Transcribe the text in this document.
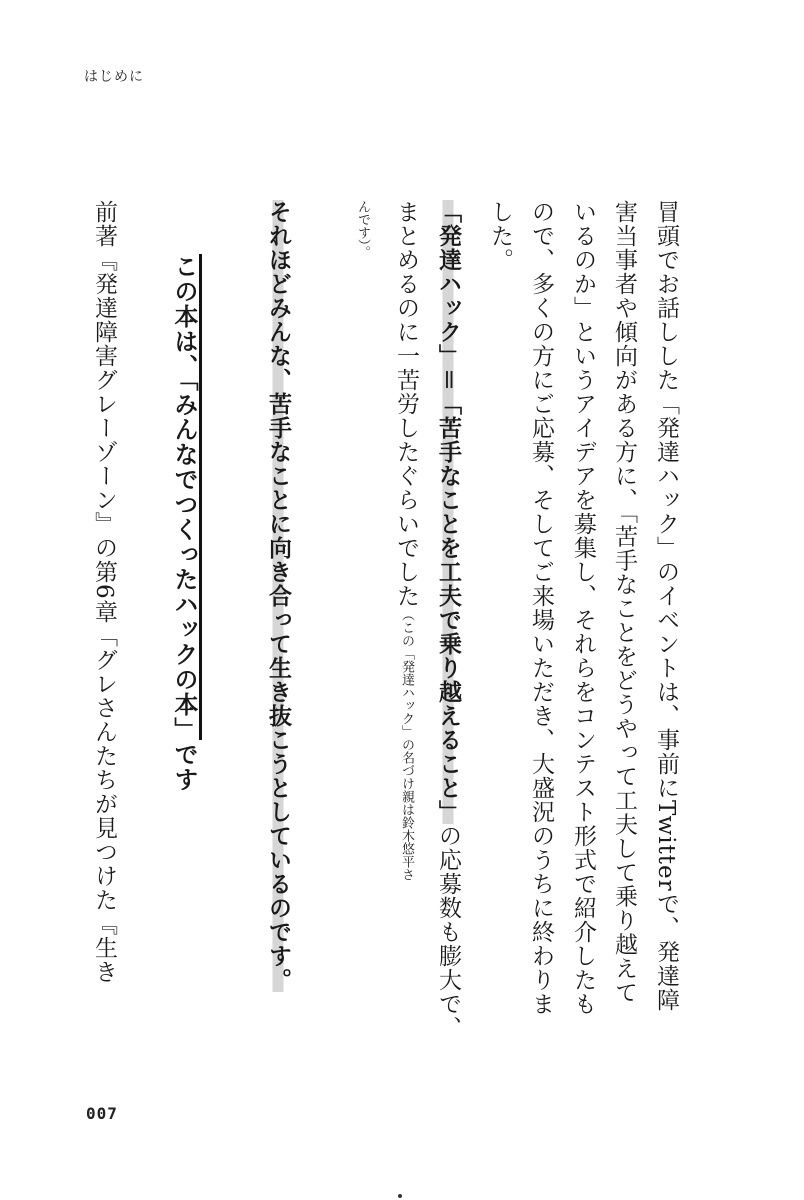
はじめに
冒頭でお話しした「発達ハック」のイベントは、事前にTwitterで、発達障
害当事者や傾向がある方に、「苦手なことをどうやって工夫して乗り越えて
いるのか」というアイデアを募集し、それらをコンテスト形式で紹介したも
ので、多くの方にご応募、そしてご来場いただき、大盛況のうちに終わりま
した。
「発達ハック」＝「苦手なことを工夫で乗り越えること」の応募数も膨大で、
まとめるのに一苦労したぐらいでした（この「発達ハック」の名づけ親は鈴木悠平さ
んです）。
それほどみんな、苦手なことに向き合って生き抜こうとしているのです。
この本は、「みんなでつくったハックの本」です
前著『発達障害グレーゾーン』の第6章「グレさんたちが見つけた『生き
007
